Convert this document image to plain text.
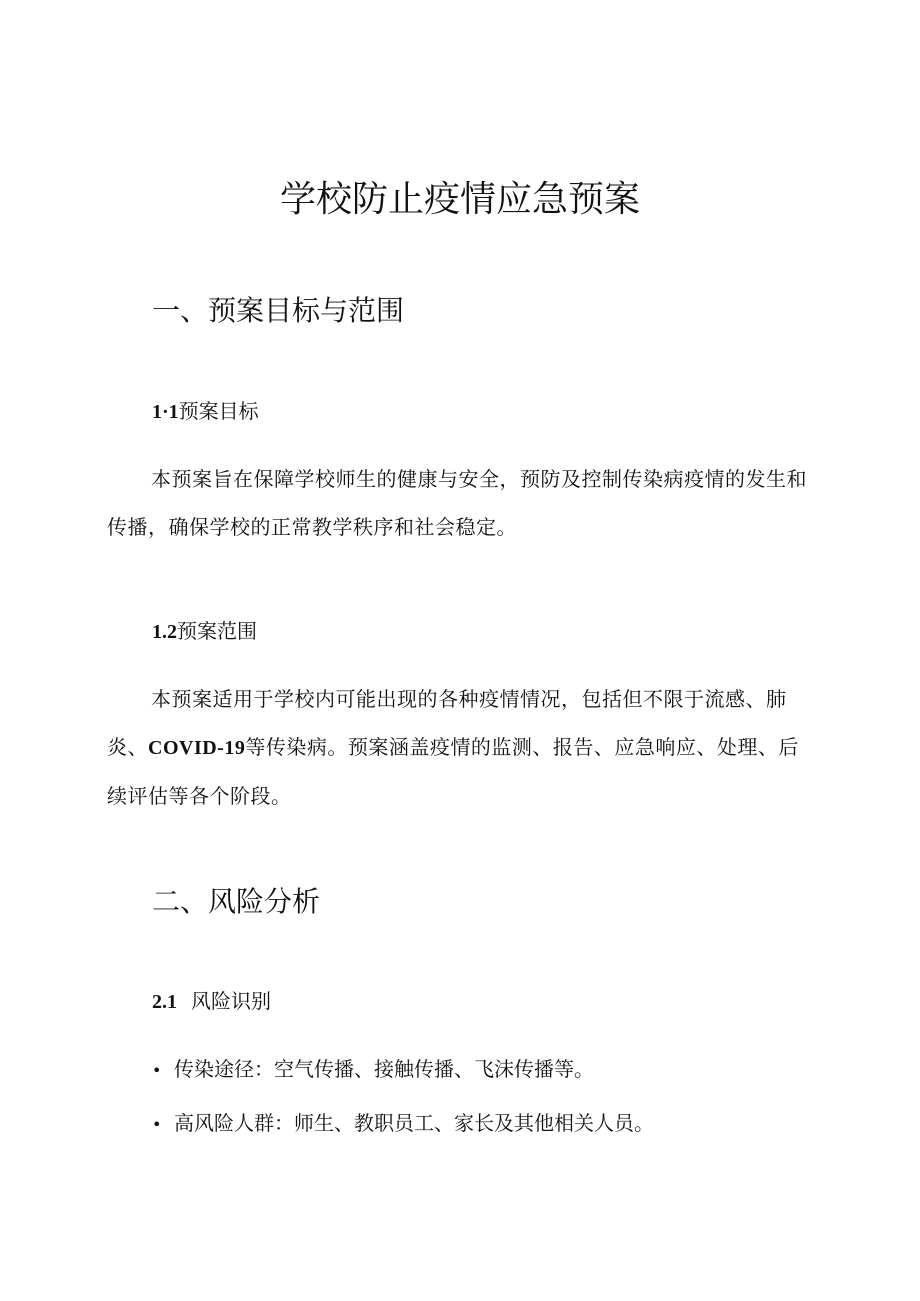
学校防止疫情应急预案
一、预案目标与范围
1·1预案目标

本预案旨在保障学校师生的健康与安全，预防及控制传染病疫情的发生和传播，确保学校的正常教学秩序和社会稳定。

1.2预案范围

本预案适用于学校内可能出现的各种疫情情况，包括但不限于流感、肺炎、COVID-19等传染病。预案涵盖疫情的监测、报告、应急响应、处理、后续评估等各个阶段。

二、风险分析
2.1 风险识别
• 传染途径：空气传播、接触传播、飞沫传播等。
• 高风险人群：师生、教职员工、家长及其他相关人员。
